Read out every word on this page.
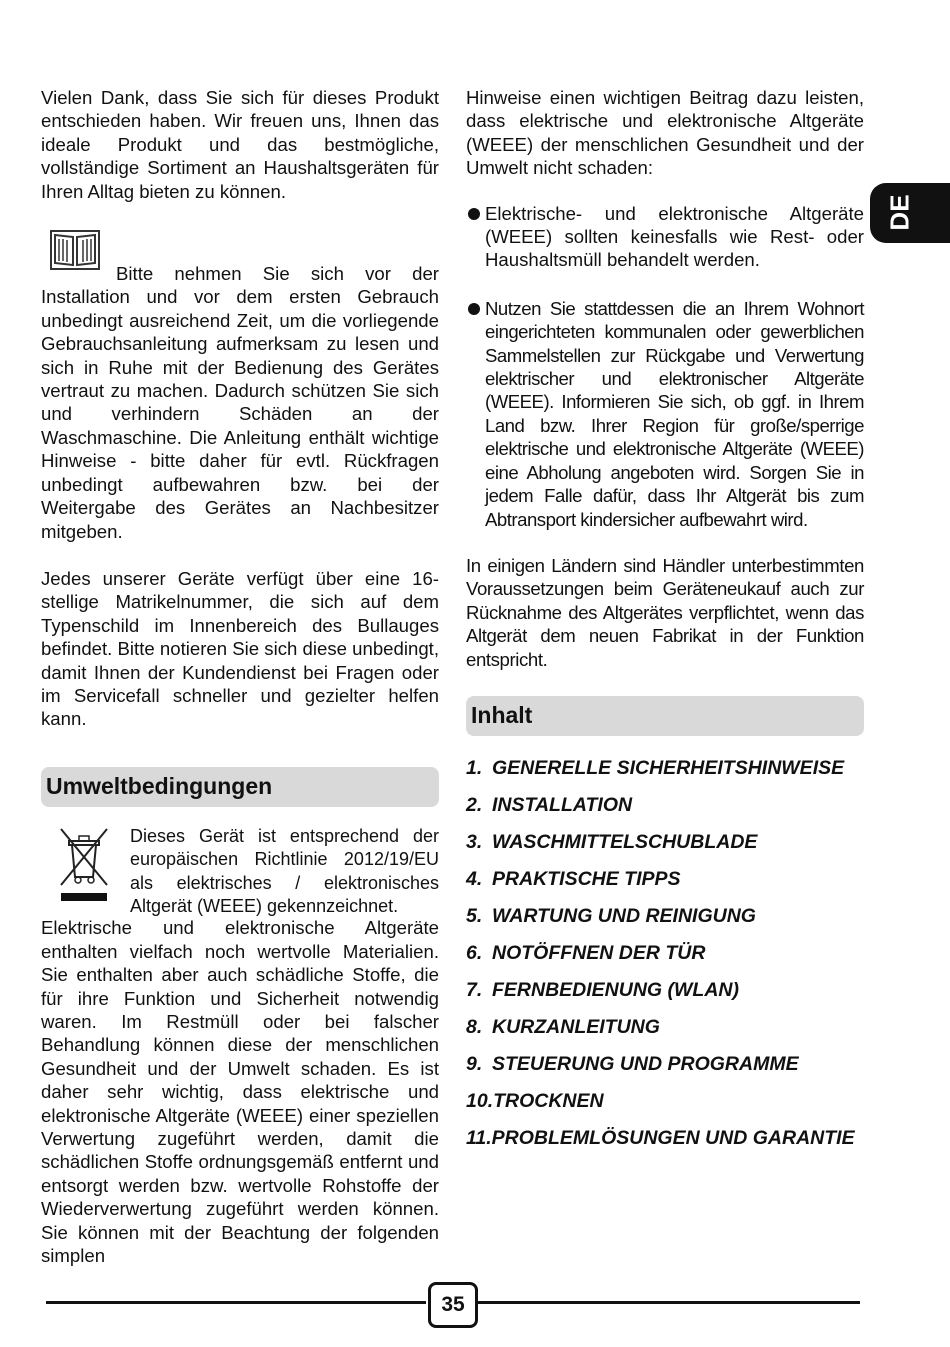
Vielen Dank, dass Sie sich für dieses Produkt entschieden haben. Wir freuen uns, Ihnen das ideale Produkt und das bestmögliche, vollständige Sortiment an Haushaltsgeräten für Ihren Alltag bieten zu können.

Bitte nehmen Sie sich vor der Installation und vor dem ersten Gebrauch unbedingt ausreichend Zeit, um die vorliegende Gebrauchsanleitung aufmerksam zu lesen und sich in Ruhe mit der Bedienung des Gerätes vertraut zu machen. Dadurch schützen Sie sich und verhindern Schäden an der Waschmaschine. Die Anleitung enthält wichtige Hinweise - bitte daher für evtl. Rückfragen unbedingt aufbewahren bzw. bei der Weitergabe des Gerätes an Nachbesitzer mitgeben.

Jedes unserer Geräte verfügt über eine 16-stellige Matrikelnummer, die sich auf dem Typenschild im Innenbereich des Bullauges befindet. Bitte notieren Sie sich diese unbedingt, damit Ihnen der Kundendienst bei Fragen oder im Servicefall schneller und gezielter helfen kann.

Umweltbedingungen

Dieses Gerät ist entsprechend der europäischen Richtlinie 2012/19/EU als elektrisches / elektronisches Altgerät (WEEE) gekennzeichnet.

Elektrische und elektronische Altgeräte enthalten vielfach noch wertvolle Materialien. Sie enthalten aber auch schädliche Stoffe, die für ihre Funktion und Sicherheit notwendig waren. Im Restmüll oder bei falscher Behandlung können diese der menschlichen Gesundheit und der Umwelt schaden. Es ist daher sehr wichtig, dass elektrische und elektronische Altgeräte (WEEE) einer speziellen Verwertung zugeführt werden, damit die schädlichen Stoffe ordnungsgemäß entfernt und entsorgt werden bzw. wertvolle Rohstoffe der Wiederverwertung zugeführt werden können. Sie können mit der Beachtung der folgenden simplen

Hinweise einen wichtigen Beitrag dazu leisten, dass elektrische und elektronische Altgeräte (WEEE) der menschlichen Gesundheit und der Umwelt nicht schaden:

Elektrische- und elektronische Altgeräte (WEEE) sollten keinesfalls wie Rest- oder Haushaltsmüll behandelt werden.

Nutzen Sie stattdessen die an Ihrem Wohnort eingerichteten kommunalen oder gewerblichen Sammelstellen zur Rückgabe und Verwertung elektrischer und elektronischer Altgeräte (WEEE). Informieren Sie sich, ob ggf. in Ihrem Land bzw. Ihrer Region für große/sperrige elektrische und elektronische Altgeräte (WEEE) eine Abholung angeboten wird. Sorgen Sie in jedem Falle dafür, dass Ihr Altgerät bis zum Abtransport kindersicher aufbewahrt wird.

In einigen Ländern sind Händler unterbestimmten Voraussetzungen beim Geräteneukauf auch zur Rücknahme des Altgerätes verpflichtet, wenn das Altgerät dem neuen Fabrikat in der Funktion entspricht.

Inhalt
1. GENERELLE SICHERHEITSHINWEISE
2. INSTALLATION
3. WASCHMITTELSCHUBLADE
4. PRAKTISCHE TIPPS
5. WARTUNG UND REINIGUNG
6. NOTÖFFNEN DER TÜR
7. FERNBEDIENUNG (WLAN)
8. KURZANLEITUNG
9. STEUERUNG UND PROGRAMME
10.TROCKNEN
11.PROBLEMLÖSUNGEN UND GARANTIE
DE
35
